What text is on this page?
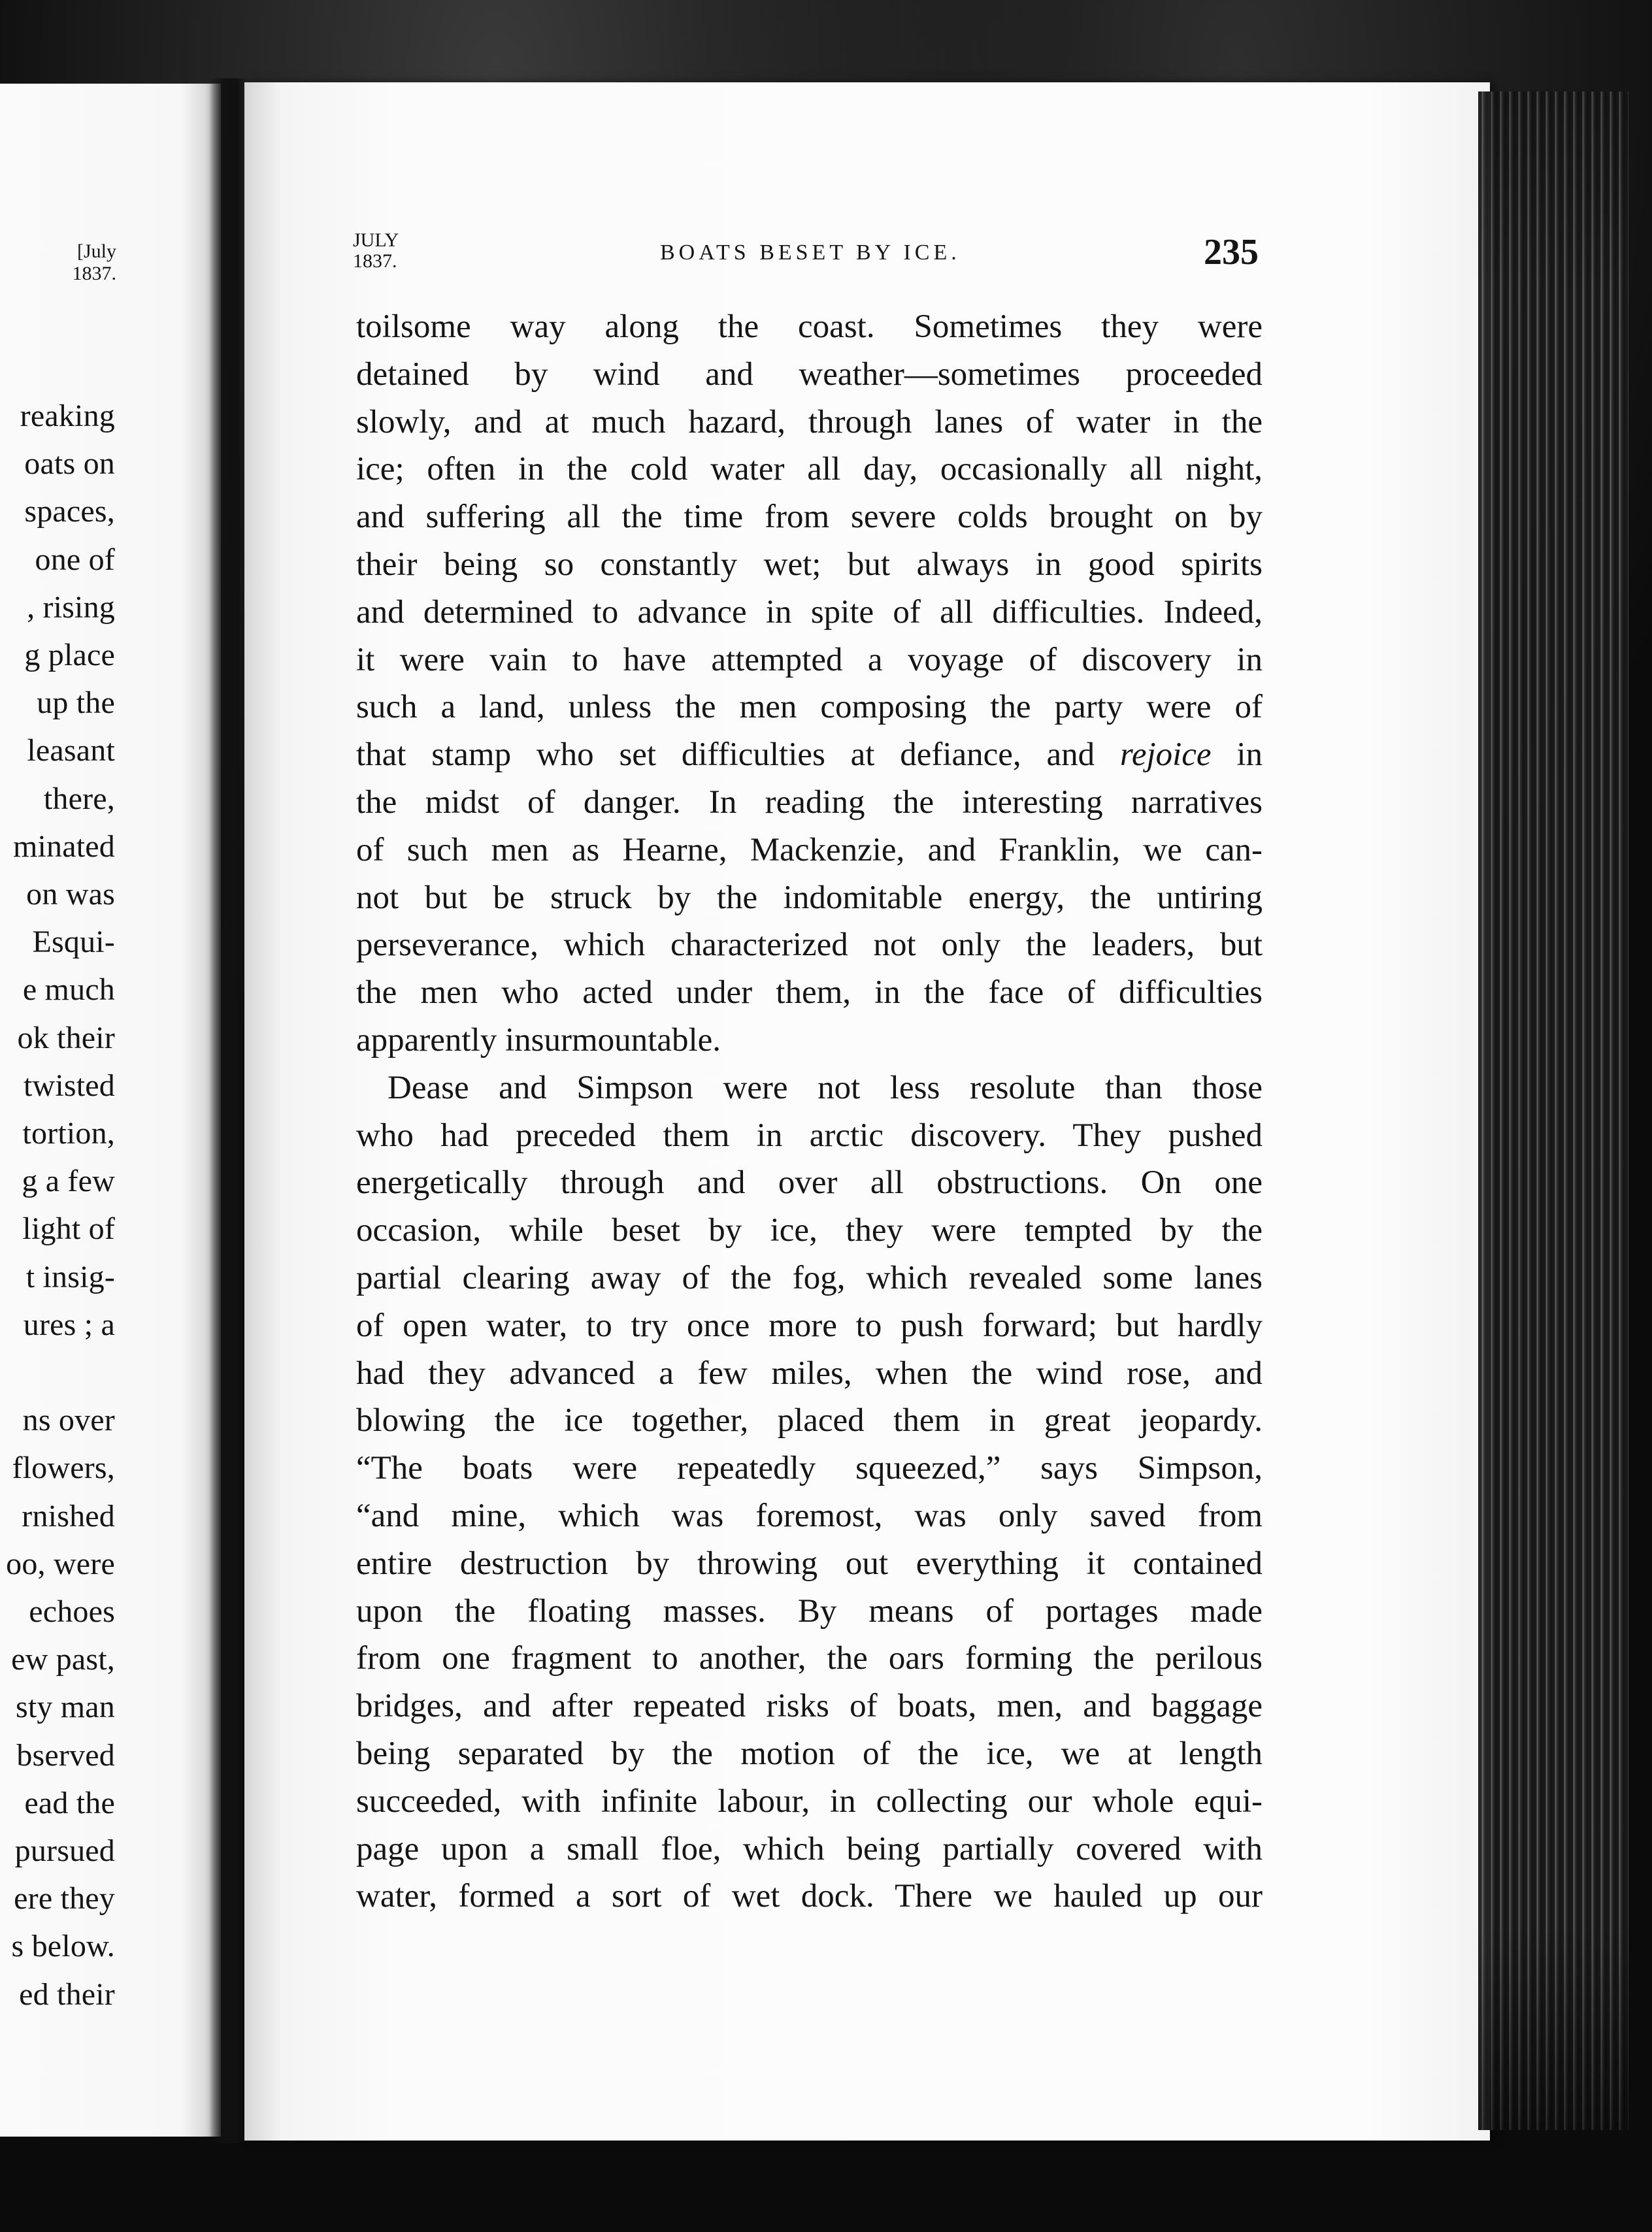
[July
1837.
reaking
oats on
spaces,
one of
, rising
g place
up the
leasant
there,
minated
on was
Esqui-
e much
ok their
twisted
tortion,
g a few
light of
t insig-
ures ; a
ns over
flowers,
rnished
oo, were
echoes
ew past,
sty man
bserved
ead the
pursued
ere they
s below.
ed their
JULY
1837.	BOATS BESET BY ICE.	235
toilsome way along the coast. Sometimes they were
detained by wind and weather—sometimes proceeded
slowly, and at much hazard, through lanes of water in the
ice; often in the cold water all day, occasionally all night,
and suffering all the time from severe colds brought on by
their being so constantly wet; but always in good spirits
and determined to advance in spite of all difficulties. Indeed,
it were vain to have attempted a voyage of discovery in
such a land, unless the men composing the party were of
that stamp who set difficulties at defiance, and rejoice in
the midst of danger. In reading the interesting narratives
of such men as Hearne, Mackenzie, and Franklin, we can-
not but be struck by the indomitable energy, the untiring
perseverance, which characterized not only the leaders, but
the men who acted under them, in the face of difficulties
apparently insurmountable.
Dease and Simpson were not less resolute than those
who had preceded them in arctic discovery. They pushed
energetically through and over all obstructions. On one
occasion, while beset by ice, they were tempted by the
partial clearing away of the fog, which revealed some lanes
of open water, to try once more to push forward; but hardly
had they advanced a few miles, when the wind rose, and
blowing the ice together, placed them in great jeopardy.
“The boats were repeatedly squeezed,” says Simpson,
“and mine, which was foremost, was only saved from
entire destruction by throwing out everything it contained
upon the floating masses. By means of portages made
from one fragment to another, the oars forming the perilous
bridges, and after repeated risks of boats, men, and baggage
being separated by the motion of the ice, we at length
succeeded, with infinite labour, in collecting our whole equi-
page upon a small floe, which being partially covered with
water, formed a sort of wet dock. There we hauled up our
